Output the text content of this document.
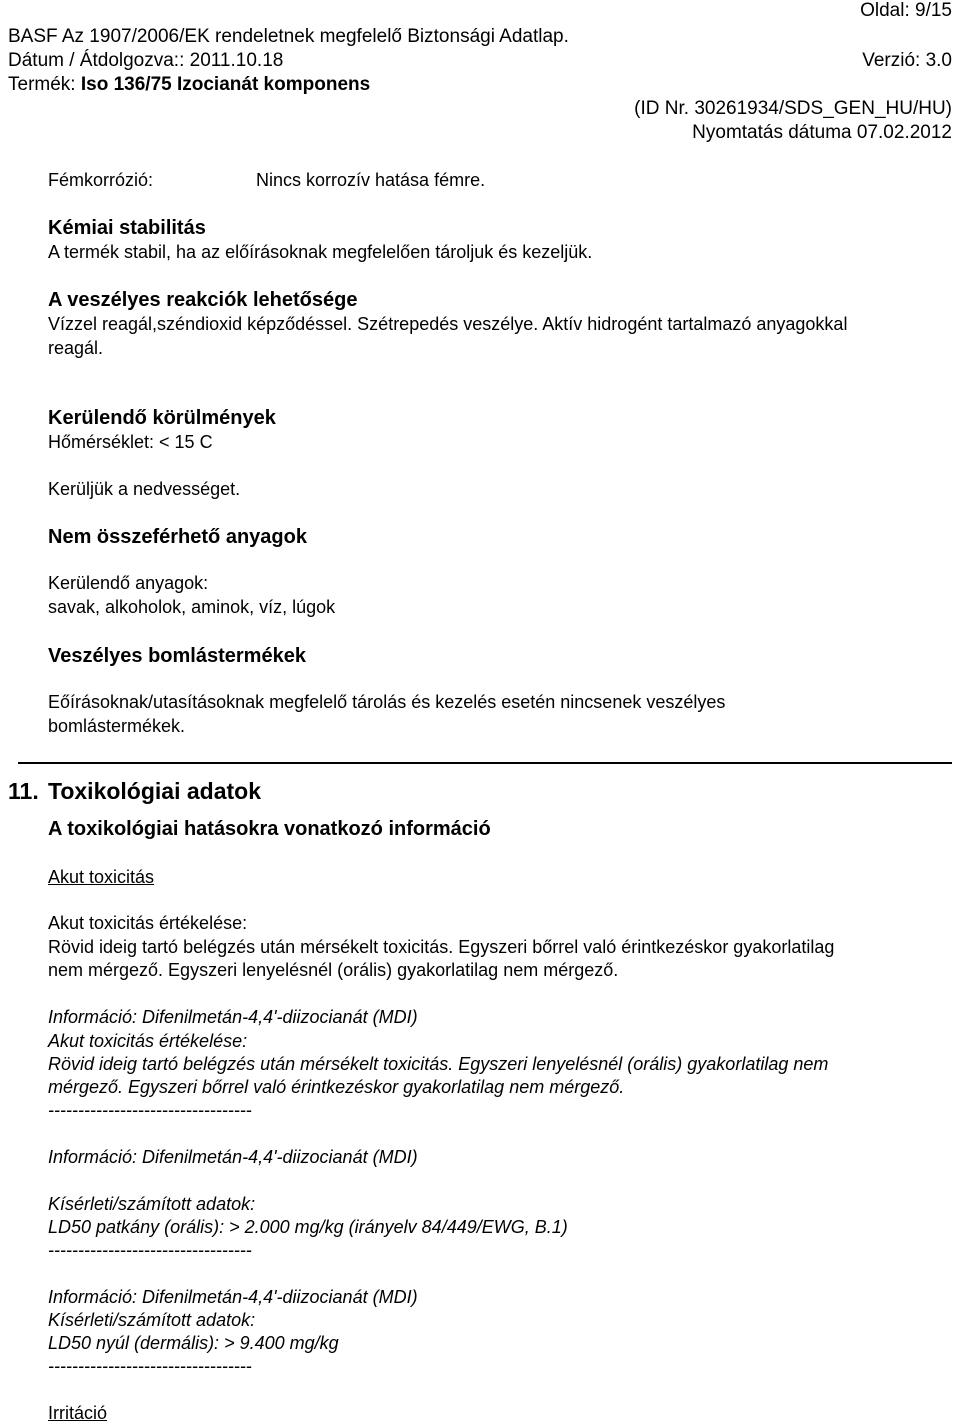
Oldal: 9/15
BASF Az 1907/2006/EK rendeletnek megfelelő Biztonsági Adatlap.
Dátum / Átdolgozva:: 2011.10.18	Verzió: 3.0
Termék: Iso 136/75 Izocianát komponens
(ID Nr. 30261934/SDS_GEN_HU/HU)
Nyomtatás dátuma 07.02.2012
Fémkorrózió:	Nincs korrozív hatása fémre.
Kémiai stabilitás
A termék stabil, ha az előírásoknak megfelelően tároljuk és kezeljük.
A veszélyes reakciók lehetősége
Vízzel reagál,széndioxid képződéssel. Szétrepedés veszélye. Aktív hidrogént tartalmazó anyagokkal
reagál.
Kerülendő körülmények
Hőmérséklet: < 15 C
Kerüljük a nedvességet.
Nem összeférhető anyagok
Kerülendő anyagok:
savak, alkoholok, aminok, víz, lúgok
Veszélyes bomlástermékek
Eőírásoknak/utasításoknak megfelelő tárolás és kezelés esetén nincsenek veszélyes
bomlástermékek.
11. Toxikológiai adatok
A toxikológiai hatásokra vonatkozó információ
Akut toxicitás
Akut toxicitás értékelése:
Rövid ideig tartó belégzés után mérsékelt toxicitás. Egyszeri bőrrel való érintkezéskor gyakorlatilag
nem mérgező. Egyszeri lenyelésnél (orális) gyakorlatilag nem mérgező.
Információ: Difenilmetán-4,4'-diizocianát (MDI)
Akut toxicitás értékelése:
Rövid ideig tartó belégzés után mérsékelt toxicitás. Egyszeri lenyelésnél (orális) gyakorlatilag nem
mérgező. Egyszeri bőrrel való érintkezéskor gyakorlatilag nem mérgező.
----------------------------------
Információ: Difenilmetán-4,4'-diizocianát (MDI)
Kísérleti/számított adatok:
LD50 patkány (orális): > 2.000 mg/kg (irányelv 84/449/EWG, B.1)
----------------------------------
Információ: Difenilmetán-4,4'-diizocianát (MDI)
Kísérleti/számított adatok:
LD50 nyúl (dermális): > 9.400 mg/kg
----------------------------------
Irritáció
